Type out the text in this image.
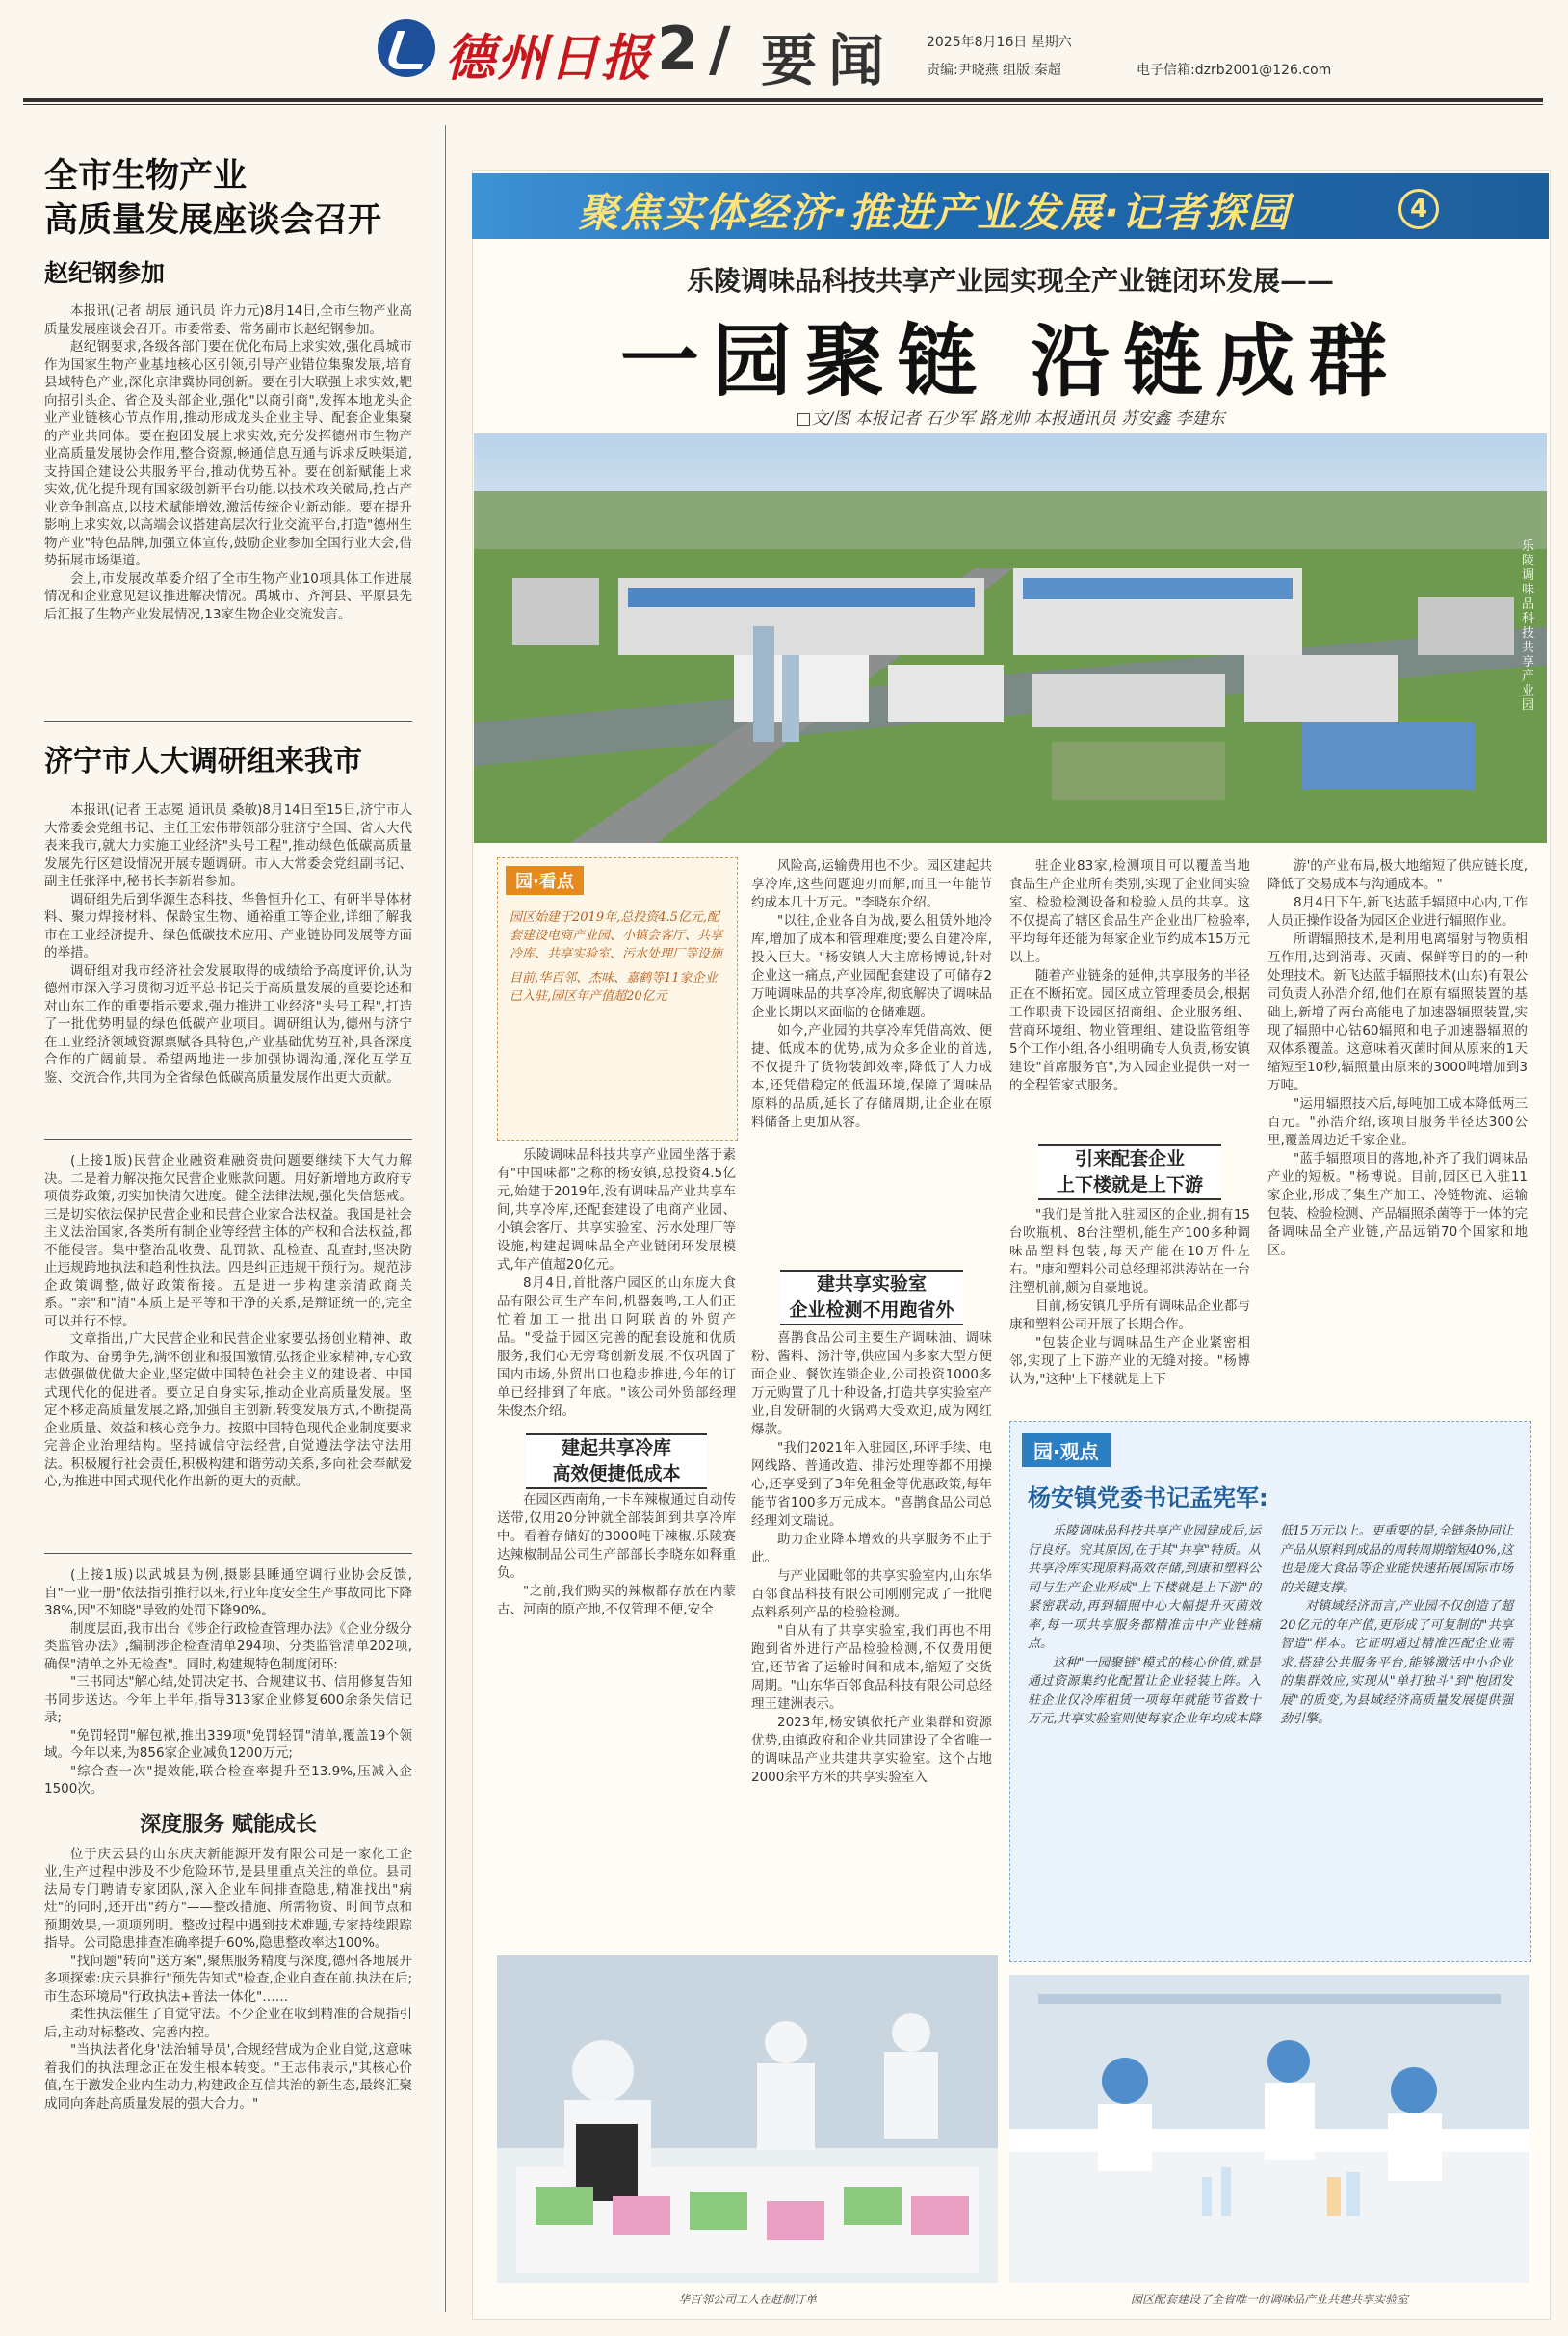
德州日报 2 / 要闻 2025年8月16日 星期六
责编:尹晓燕 组版:秦超	电子信箱:dzrb2001@126.com
全市生物产业
高质量发展座谈会召开
赵纪钢参加

本报讯(记者 胡辰 通讯员 许力元)8月14日,全市生物产业高质量发展座谈会召开。市委常委、常务副市长赵纪钢参加。

赵纪钢要求,各级各部门要在优化布局上求实效,强化禹城市作为国家生物产业基地核心区引领,引导产业错位集聚发展,培育县域特色产业,深化京津冀协同创新。要在引大联强上求实效,靶向招引头企、省企及头部企业,强化"以商引商",发挥本地龙头企业产业链核心节点作用,推动形成龙头企业主导、配套企业集聚的产业共同体。要在抱团发展上求实效,充分发挥德州市生物产业高质量发展协会作用,整合资源,畅通信息互通与诉求反映渠道,支持国企建设公共服务平台,推动优势互补。要在创新赋能上求实效,优化提升现有国家级创新平台功能,以技术攻关破局,抢占产业竞争制高点,以技术赋能增效,激活传统企业新动能。要在提升影响上求实效,以高端会议搭建高层次行业交流平台,打造"德州生物产业"特色品牌,加强立体宣传,鼓励企业参加全国行业大会,借势拓展市场渠道。

会上,市发展改革委介绍了全市生物产业10项具体工作进展情况和企业意见建议推进解决情况。禹城市、齐河县、平原县先后汇报了生物产业发展情况,13家生物企业交流发言。

济宁市人大调研组来我市

本报讯(记者 王志冕 通讯员 桑敏)8月14日至15日,济宁市人大常委会党组书记、主任王宏伟带领部分驻济宁全国、省人大代表来我市,就大力实施工业经济"头号工程",推动绿色低碳高质量发展先行区建设情况开展专题调研。市人大常委会党组副书记、副主任张泽中,秘书长李新岩参加。

调研组先后到华源生态科技、华鲁恒升化工、有研半导体材料、聚力焊接材料、保龄宝生物、通裕重工等企业,详细了解我市在工业经济提升、绿色低碳技术应用、产业链协同发展等方面的举措。

调研组对我市经济社会发展取得的成绩给予高度评价,认为德州市深入学习贯彻习近平总书记关于高质量发展的重要论述和对山东工作的重要指示要求,强力推进工业经济"头号工程",打造了一批优势明显的绿色低碳产业项目。调研组认为,德州与济宁在工业经济领域资源禀赋各具特色,产业基础优势互补,具备深度合作的广阔前景。希望两地进一步加强协调沟通,深化互学互鉴、交流合作,共同为全省绿色低碳高质量发展作出更大贡献。

(上接1版)民营企业融资难融资贵问题要继续下大气力解决。二是着力解决拖欠民营企业账款问题。用好新增地方政府专项债券政策,切实加快清欠进度。健全法律法规,强化失信惩戒。三是切实依法保护民营企业和民营企业家合法权益。我国是社会主义法治国家,各类所有制企业等经营主体的产权和合法权益,都不能侵害。集中整治乱收费、乱罚款、乱检查、乱查封,坚决防止违规跨地执法和趋利性执法。四是纠正违规干预行为。规范涉企政策调整,做好政策衔接。五是进一步构建亲清政商关系。"亲"和"清"本质上是平等和干净的关系,是辩证统一的,完全可以并行不悖。

文章指出,广大民营企业和民营企业家要弘扬创业精神、敢作敢为、奋勇争先,满怀创业和报国激情,弘扬企业家精神,专心致志做强做优做大企业,坚定做中国特色社会主义的建设者、中国式现代化的促进者。要立足自身实际,推动企业高质量发展。坚定不移走高质量发展之路,加强自主创新,转变发展方式,不断提高企业质量、效益和核心竞争力。按照中国特色现代企业制度要求完善企业治理结构。坚持诚信守法经营,自觉遵法学法守法用法。积极履行社会责任,积极构建和谐劳动关系,多向社会奉献爱心,为推进中国式现代化作出新的更大的贡献。

(上接1版)以武城县为例,摄影县睡通空调行业协会反馈,自"一业一册"依法指引推行以来,行业年度安全生产事故同比下降38%,因"不知晓"导致的处罚下降90%。

制度层面,我市出台《涉企行政检查管理办法》《企业分级分类监管办法》,编制涉企检查清单294项、分类监管清单202项,确保"清单之外无检查"。同时,构建规特色制度闭环:

"三书同达"解心结,处罚决定书、合规建议书、信用修复告知书同步送达。今年上半年,指导313家企业修复600余条失信记录;

"免罚轻罚"解包袱,推出339项"免罚轻罚"清单,覆盖19个领域。今年以来,为856家企业减负1200万元;

"综合查一次"提效能,联合检查率提升至13.9%,压减入企1500次。

深度服务 赋能成长

位于庆云县的山东庆庆新能源开发有限公司是一家化工企业,生产过程中涉及不少危险环节,是县里重点关注的单位。县司法局专门聘请专家团队,深入企业车间排查隐患,精准找出"病灶"的同时,还开出"药方"——整改措施、所需物资、时间节点和预期效果,一项项列明。整改过程中遇到技术难题,专家持续跟踪指导。公司隐患排查准确率提升60%,隐患整改率达100%。

"找问题"转向"送方案",聚焦服务精度与深度,德州各地展开多项探索:庆云县推行"预先告知式"检查,企业自查在前,执法在后;市生态环境局"行政执法+普法一体化"……

柔性执法催生了自觉守法。不少企业在收到精准的合规指引后,主动对标整改、完善内控。

"当执法者化身'法治辅导员',合规经营成为企业自觉,这意味着我们的执法理念正在发生根本转变。"王志伟表示,"其核心价值,在于激发企业内生动力,构建政企互信共治的新生态,最终汇聚成同向奔赴高质量发展的强大合力。"

聚焦实体经济·推进产业发展·记者探园	4
乐陵调味品科技共享产业园实现全产业链闭环发展——
一园聚链 沿链成群
□文/图 本报记者 石少军 路龙帅 本报通讯员 苏安鑫 李建东
乐陵调味品科技共享产业园
园·看点

园区始建于2019年,总投资4.5亿元,配套建设电商产业园、小镇会客厅、共享冷库、共享实验室、污水处理厂等设施

目前,华百邻、杰味、嘉鹤等11家企业已入驻,园区年产值超20亿元

乐陵调味品科技共享产业园坐落于素有"中国味都"之称的杨安镇,总投资4.5亿元,始建于2019年,没有调味品产业共享车间,共享冷库,还配套建设了电商产业园、小镇会客厅、共享实验室、污水处理厂等设施,构建起调味品全产业链闭环发展模式,年产值超20亿元。

8月4日,首批落户园区的山东庞大食品有限公司生产车间,机器轰鸣,工人们正忙着加工一批出口阿联酋的外贸产品。"受益于园区完善的配套设施和优质服务,我们心无旁骛创新发展,不仅巩固了国内市场,外贸出口也稳步推进,今年的订单已经排到了年底。"该公司外贸部经理朱俊杰介绍。

建起共享冷库
高效便捷低成本

在园区西南角,一卡车辣椒通过自动传送带,仅用20分钟就全部装卸到共享冷库中。看着存储好的3000吨干辣椒,乐陵赛达辣椒制品公司生产部部长李晓东如释重负。

"之前,我们购买的辣椒都存放在内蒙古、河南的原产地,不仅管理不便,安全

风险高,运输费用也不少。园区建起共享冷库,这些问题迎刃而解,而且一年能节约成本几十万元。"李晓东介绍。

"以往,企业各自为战,要么租赁外地冷库,增加了成本和管理难度;要么自建冷库,投入巨大。"杨安镇人大主席杨博说,针对企业这一痛点,产业园配套建设了可储存2万吨调味品的共享冷库,彻底解决了调味品企业长期以来面临的仓储难题。

如今,产业园的共享冷库凭借高效、便捷、低成本的优势,成为众多企业的首选,不仅提升了货物装卸效率,降低了人力成本,还凭借稳定的低温环境,保障了调味品原料的品质,延长了存储周期,让企业在原料储备上更加从容。

建共享实验室
企业检测不用跑省外

喜鹊食品公司主要生产调味油、调味粉、酱料、汤汁等,供应国内多家大型方便面企业、餐饮连锁企业,公司投资1000多万元购置了几十种设备,打造共享实验室产业,自发研制的火锅鸡大受欢迎,成为网红爆款。

"我们2021年入驻园区,环评手续、电网线路、普通改造、排污处理等都不用操心,还享受到了3年免租金等优惠政策,每年能节省100多万元成本。"喜鹊食品公司总经理刘文瑞说。

助力企业降本增效的共享服务不止于此。

与产业园毗邻的共享实验室内,山东华百邻食品科技有限公司刚刚完成了一批爬点料系列产品的检验检测。

"自从有了共享实验室,我们再也不用跑到省外进行产品检验检测,不仅费用便宜,还节省了运输时间和成本,缩短了交货周期。"山东华百邻食品科技有限公司总经理王建洲表示。

2023年,杨安镇依托产业集群和资源优势,由镇政府和企业共同建设了全省唯一的调味品产业共建共享实验室。这个占地2000余平方米的共享实验室入

驻企业83家,检测项目可以覆盖当地食品生产企业所有类别,实现了企业间实验室、检验检测设备和检验人员的共享。这不仅提高了辖区食品生产企业出厂检验率,平均每年还能为每家企业节约成本15万元以上。

随着产业链条的延伸,共享服务的半径正在不断拓宽。园区成立管理委员会,根据工作职责下设园区招商组、企业服务组、营商环境组、物业管理组、建设监管组等5个工作小组,各小组明确专人负责,杨安镇建设"首席服务官",为入园企业提供一对一的全程管家式服务。

引来配套企业
上下楼就是上下游

"我们是首批入驻园区的企业,拥有15台吹瓶机、8台注塑机,能生产100多种调味品塑料包装,每天产能在10万件左右。"康和塑料公司总经理祁洪涛站在一台注塑机前,颇为自豪地说。

目前,杨安镇几乎所有调味品企业都与康和塑料公司开展了长期合作。

"包装企业与调味品生产企业紧密相邻,实现了上下游产业的无缝对接。"杨博认为,"这种'上下楼就是上下

游'的产业布局,极大地缩短了供应链长度,降低了交易成本与沟通成本。"

8月4日下午,新飞达蓝手辐照中心内,工作人员正操作设备为园区企业进行辐照作业。

所谓辐照技术,是利用电离辐射与物质相互作用,达到消毒、灭菌、保鲜等目的的一种处理技术。新飞达蓝手辐照技术(山东)有限公司负责人孙浩介绍,他们在原有辐照装置的基础上,新增了两台高能电子加速器辐照装置,实现了辐照中心钴60辐照和电子加速器辐照的双体系覆盖。这意味着灭菌时间从原来的1天缩短至10秒,辐照量由原来的3000吨增加到3万吨。

"运用辐照技术后,每吨加工成本降低两三百元。"孙浩介绍,该项目服务半径达300公里,覆盖周边近千家企业。

"蓝手辐照项目的落地,补齐了我们调味品产业的短板。"杨博说。目前,园区已入驻11家企业,形成了集生产加工、冷链物流、运输包装、检验检测、产品辐照杀菌等于一体的完备调味品全产业链,产品远销70个国家和地区。

园·观点
杨安镇党委书记孟宪军:

乐陵调味品科技共享产业园建成后,运行良好。究其原因,在于其"共享"特质。从共享冷库实现原料高效存储,到康和塑料公司与生产企业形成"上下楼就是上下游"的紧密联动,再到辐照中心大幅提升灭菌效率,每一项共享服务都精准击中产业链痛点。

这种"一园聚链"模式的核心价值,就是通过资源集约化配置让企业轻装上阵。入驻企业仅冷库租赁一项每年就能节省数十万元,共享实验室则使每家企业年均成本降低15万元以上。更重要的是,全链条协同让产品从原料到成品的周转周期缩短40%,这也是庞大食品等企业能快速拓展国际市场的关键支撑。

对镇域经济而言,产业园不仅创造了超20亿元的年产值,更形成了可复制的"共享智造"样本。它证明通过精准匹配企业需求,搭建公共服务平台,能够激活中小企业的集群效应,实现从"单打独斗"到"抱团发展"的质变,为县域经济高质量发展提供强劲引擎。

华百邻公司工人在赶制订单	园区配套建设了全省唯一的调味品产业共建共享实验室
